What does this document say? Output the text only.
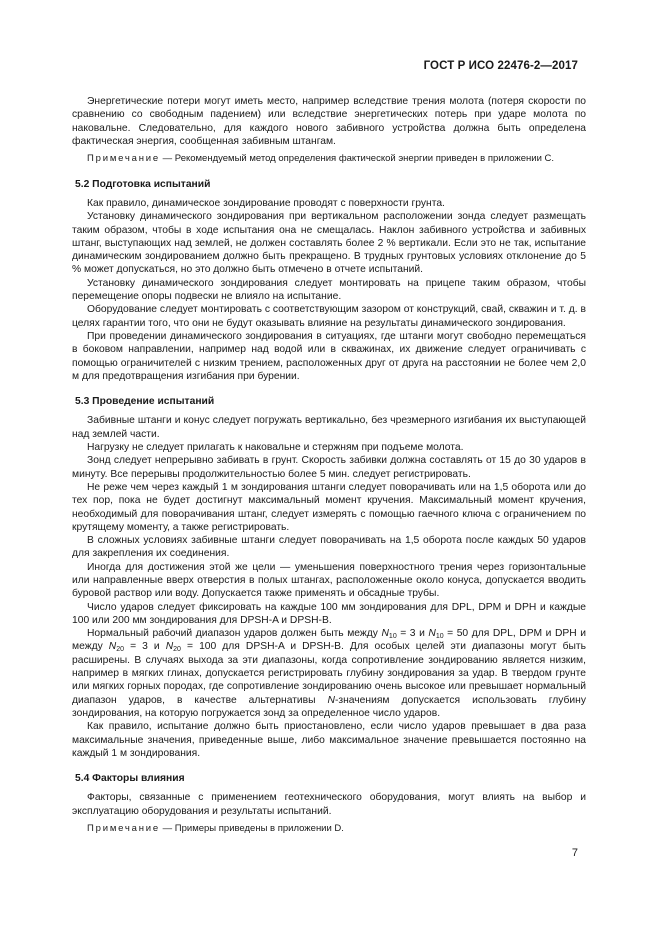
ГОСТ Р ИСО 22476-2—2017

Энергетические потери могут иметь место, например вследствие трения молота (потеря скорости по сравнению со свободным падением) или вследствие энергетических потерь при ударе молота по наковальне. Следовательно, для каждого нового забивного устройства должна быть определена фактическая энергия, сообщенная забивным штангам.

Примечание — Рекомендуемый метод определения фактической энергии приведен в приложении C.

5.2 Подготовка испытаний

Как правило, динамическое зондирование проводят с поверхности грунта.

Установку динамического зондирования при вертикальном расположении зонда следует размещать таким образом, чтобы в ходе испытания она не смещалась. Наклон забивного устройства и забивных штанг, выступающих над землей, не должен составлять более 2 % вертикали. Если это не так, испытание динамическим зондированием должно быть прекращено. В трудных грунтовых условиях отклонение до 5 % может допускаться, но это должно быть отмечено в отчете испытаний.

Установку динамического зондирования следует монтировать на прицепе таким образом, чтобы перемещение опоры подвески не влияло на испытание.

Оборудование следует монтировать с соответствующим зазором от конструкций, свай, скважин и т. д. в целях гарантии того, что они не будут оказывать влияние на результаты динамического зондирования.

При проведении динамического зондирования в ситуациях, где штанги могут свободно перемещаться в боковом направлении, например над водой или в скважинах, их движение следует ограничивать с помощью ограничителей с низким трением, расположенных друг от друга на расстоянии не более чем 2,0 м для предотвращения изгибания при бурении.

5.3 Проведение испытаний

Забивные штанги и конус следует погружать вертикально, без чрезмерного изгибания их выступающей над землей части.

Нагрузку не следует прилагать к наковальне и стержням при подъеме молота.

Зонд следует непрерывно забивать в грунт. Скорость забивки должна составлять от 15 до 30 ударов в минуту. Все перерывы продолжительностью более 5 мин. следует регистрировать.

Не реже чем через каждый 1 м зондирования штанги следует поворачивать или на 1,5 оборота или до тех пор, пока не будет достигнут максимальный момент кручения. Максимальный момент кручения, необходимый для поворачивания штанг, следует измерять с помощью гаечного ключа с ограничением по крутящему моменту, а также регистрировать.

В сложных условиях забивные штанги следует поворачивать на 1,5 оборота после каждых 50 ударов для закрепления их соединения.

Иногда для достижения этой же цели — уменьшения поверхностного трения через горизонтальные или направленные вверх отверстия в полых штангах, расположенные около конуса, допускается вводить буровой раствор или воду. Допускается также применять и обсадные трубы.

Число ударов следует фиксировать на каждые 100 мм зондирования для DPL, DPM и DPH и каждые 100 или 200 мм зондирования для DPSH-A и DPSH-B.

Нормальный рабочий диапазон ударов должен быть между $N_{10} = 3$ и $N_{10} = 50$ для DPL, DPM и DPH и между $N_{20} = 3$ и $N_{20} = 100$ для DPSH-A и DPSH-B. Для особых целей эти диапазоны могут быть расширены. В случаях выхода за эти диапазоны, когда сопротивление зондированию является низким, например в мягких глинах, допускается регистрировать глубину зондирования за удар. В твердом грунте или мягких горных породах, где сопротивление зондированию очень высокое или превышает нормальный диапазон ударов, в качестве альтернативы N-значениям допускается использовать глубину зондирования, на которую погружается зонд за определенное число ударов.

Как правило, испытание должно быть приостановлено, если число ударов превышает в два раза максимальные значения, приведенные выше, либо максимальное значение превышается постоянно на каждый 1 м зондирования.

5.4 Факторы влияния

Факторы, связанные с применением геотехнического оборудования, могут влиять на выбор и эксплуатацию оборудования и результаты испытаний.

Примечание — Примеры приведены в приложении D.

7
